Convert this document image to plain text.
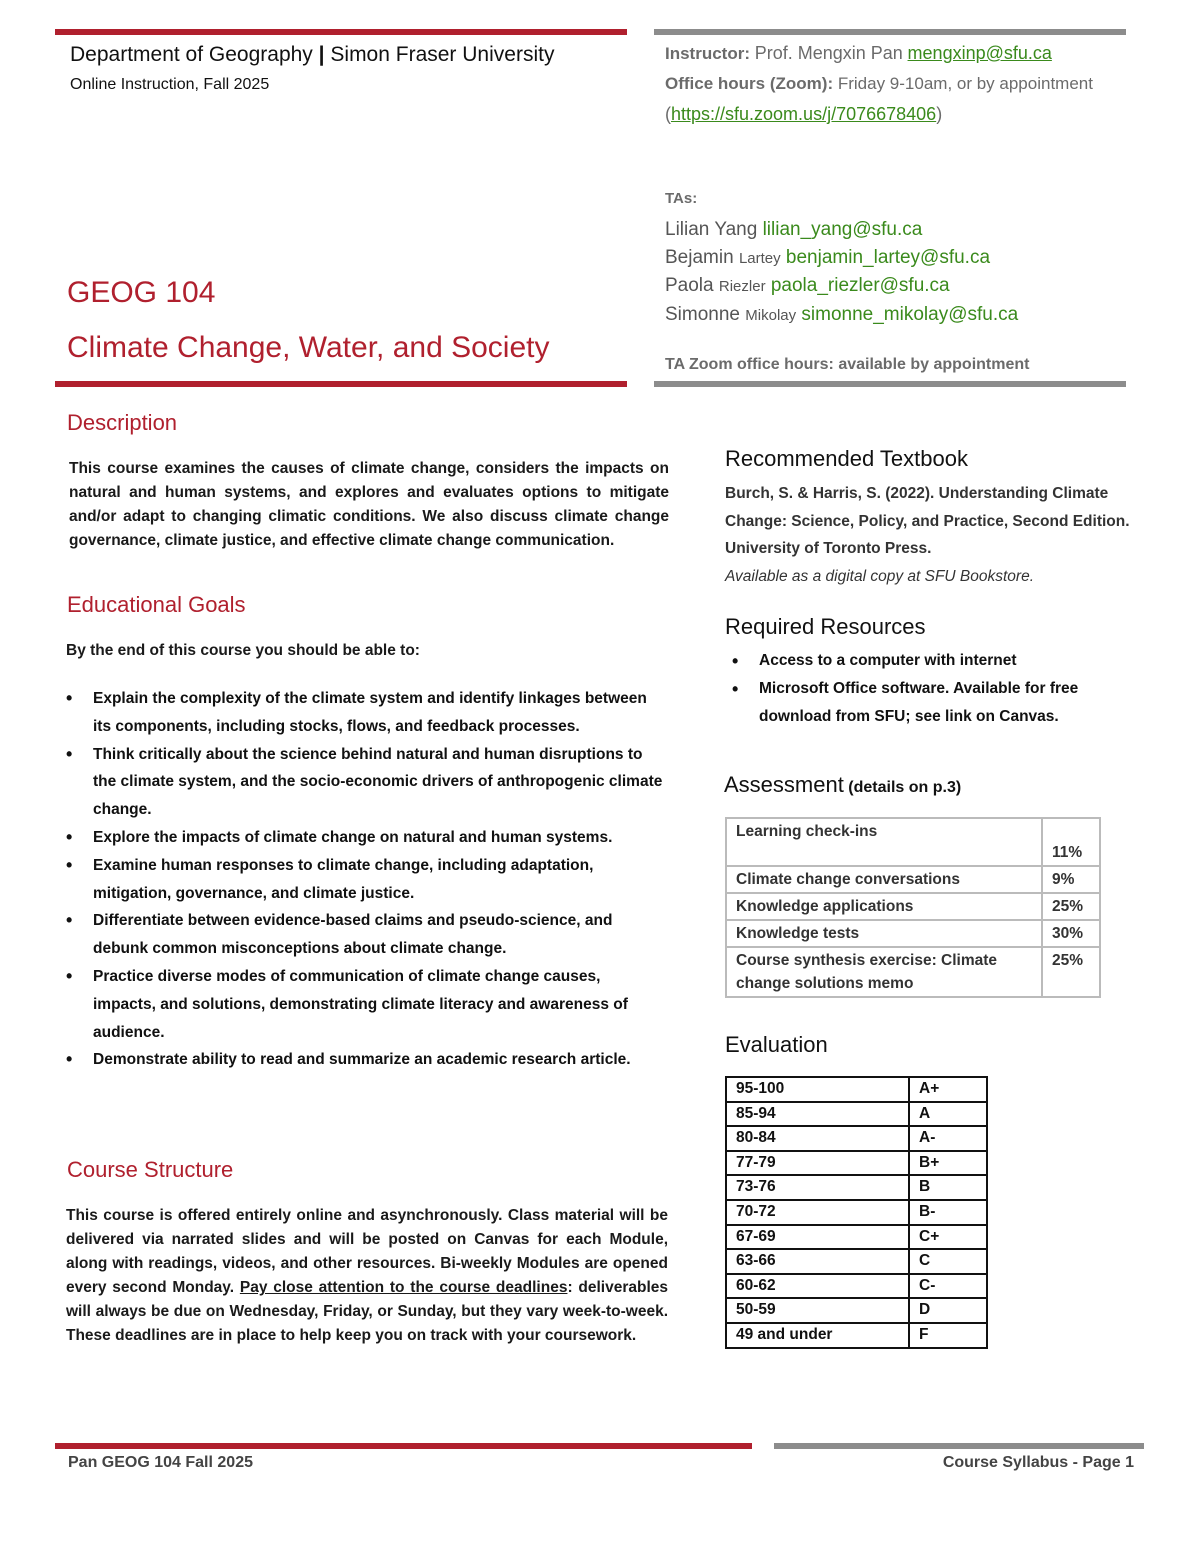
Department of Geography | Simon Fraser University
Online Instruction, Fall 2025
GEOG 104
Climate Change, Water, and Society
Instructor: Prof. Mengxin Pan mengxinp@sfu.ca
Office hours (Zoom): Friday 9-10am, or by appointment
(https://sfu.zoom.us/j/7076678406)
TAs:
Lilian Yang lilian_yang@sfu.ca
Bejamin Lartey benjamin_lartey@sfu.ca
Paola Riezler paola_riezler@sfu.ca
Simonne Mikolay simonne_mikolay@sfu.ca
TA Zoom office hours: available by appointment
Description
This course examines the causes of climate change, considers the impacts on natural and human systems, and explores and evaluates options to mitigate and/or adapt to changing climatic conditions. We also discuss climate change governance, climate justice, and effective climate change communication.
Educational Goals
By the end of this course you should be able to:
• Explain the complexity of the climate system and identify linkages between its components, including stocks, flows, and feedback processes.
• Think critically about the science behind natural and human disruptions to the climate system, and the socio-economic drivers of anthropogenic climate change.
• Explore the impacts of climate change on natural and human systems.
• Examine human responses to climate change, including adaptation, mitigation, governance, and climate justice.
• Differentiate between evidence-based claims and pseudo-science, and debunk common misconceptions about climate change.
• Practice diverse modes of communication of climate change causes, impacts, and solutions, demonstrating climate literacy and awareness of audience.
• Demonstrate ability to read and summarize an academic research article.
Course Structure
This course is offered entirely online and asynchronously. Class material will be delivered via narrated slides and will be posted on Canvas for each Module, along with readings, videos, and other resources. Bi-weekly Modules are opened every second Monday. Pay close attention to the course deadlines: deliverables will always be due on Wednesday, Friday, or Sunday, but they vary week-to-week. These deadlines are in place to help keep you on track with your coursework.
Recommended Textbook
Burch, S. & Harris, S. (2022). Understanding Climate Change: Science, Policy, and Practice, Second Edition. University of Toronto Press.
Available as a digital copy at SFU Bookstore.
Required Resources
• Access to a computer with internet
• Microsoft Office software. Available for free download from SFU; see link on Canvas.
Assessment (details on p.3)
Learning check-ins	11%
Climate change conversations	9%
Knowledge applications	25%
Knowledge tests	30%
Course synthesis exercise: Climate change solutions memo	25%
Evaluation
95-100	A+
85-94	A
80-84	A-
77-79	B+
73-76	B
70-72	B-
67-69	C+
63-66	C
60-62	C-
50-59	D
49 and under	F
Pan GEOG 104 Fall 2025	Course Syllabus - Page 1
